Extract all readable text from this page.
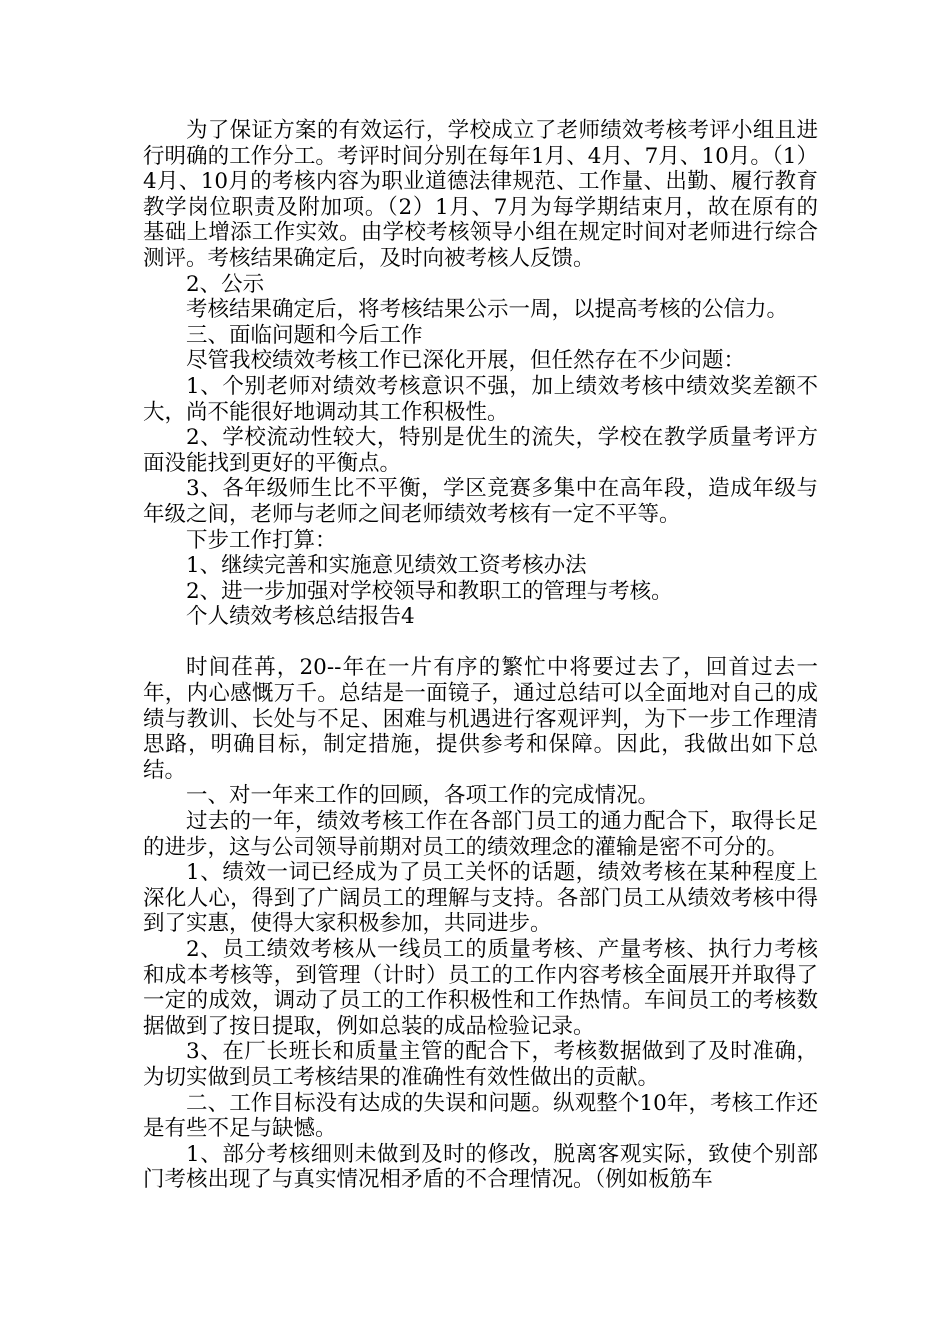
为了保证方案的有效运行，学校成立了老师绩效考核考评小组且进行明确的工作分工。考评时间分别在每年1月、4月、7月、10月。（1）4月、10月的考核内容为职业道德法律规范、工作量、出勤、履行教育教学岗位职责及附加项。（2）1月、7月为每学期结束月，故在原有的基础上增添工作实效。由学校考核领导小组在规定时间对老师进行综合测评。考核结果确定后，及时向被考核人反馈。

2、公示

考核结果确定后，将考核结果公示一周，以提高考核的公信力。

三、面临问题和今后工作

尽管我校绩效考核工作已深化开展，但任然存在不少问题：

1、个别老师对绩效考核意识不强，加上绩效考核中绩效奖差额不大，尚不能很好地调动其工作积极性。

2、学校流动性较大，特别是优生的流失，学校在教学质量考评方面没能找到更好的平衡点。

3、各年级师生比不平衡，学区竞赛多集中在高年段，造成年级与年级之间，老师与老师之间老师绩效考核有一定不平等。

下步工作打算：

1、继续完善和实施意见绩效工资考核办法

2、进一步加强对学校领导和教职工的管理与考核。

个人绩效考核总结报告4

时间荏苒，20--年在一片有序的繁忙中将要过去了，回首过去一年，内心感慨万千。总结是一面镜子，通过总结可以全面地对自己的成绩与教训、长处与不足、困难与机遇进行客观评判，为下一步工作理清思路，明确目标，制定措施，提供参考和保障。因此，我做出如下总结。

一、对一年来工作的回顾，各项工作的完成情况。

过去的一年，绩效考核工作在各部门员工的通力配合下，取得长足的进步，这与公司领导前期对员工的绩效理念的灌输是密不可分的。

1、绩效一词已经成为了员工关怀的话题，绩效考核在某种程度上深化人心，得到了广阔员工的理解与支持。各部门员工从绩效考核中得到了实惠，使得大家积极参加，共同进步。

2、员工绩效考核从一线员工的质量考核、产量考核、执行力考核和成本考核等，到管理（计时）员工的工作内容考核全面展开并取得了一定的成效，调动了员工的工作积极性和工作热情。车间员工的考核数据做到了按日提取，例如总装的成品检验记录。

3、在厂长班长和质量主管的配合下，考核数据做到了及时准确，为切实做到员工考核结果的准确性有效性做出的贡献。

二、工作目标没有达成的失误和问题。纵观整个10年，考核工作还是有些不足与缺憾。

1、部分考核细则未做到及时的修改，脱离客观实际，致使个别部门考核出现了与真实情况相矛盾的不合理情况。（例如板筋车
